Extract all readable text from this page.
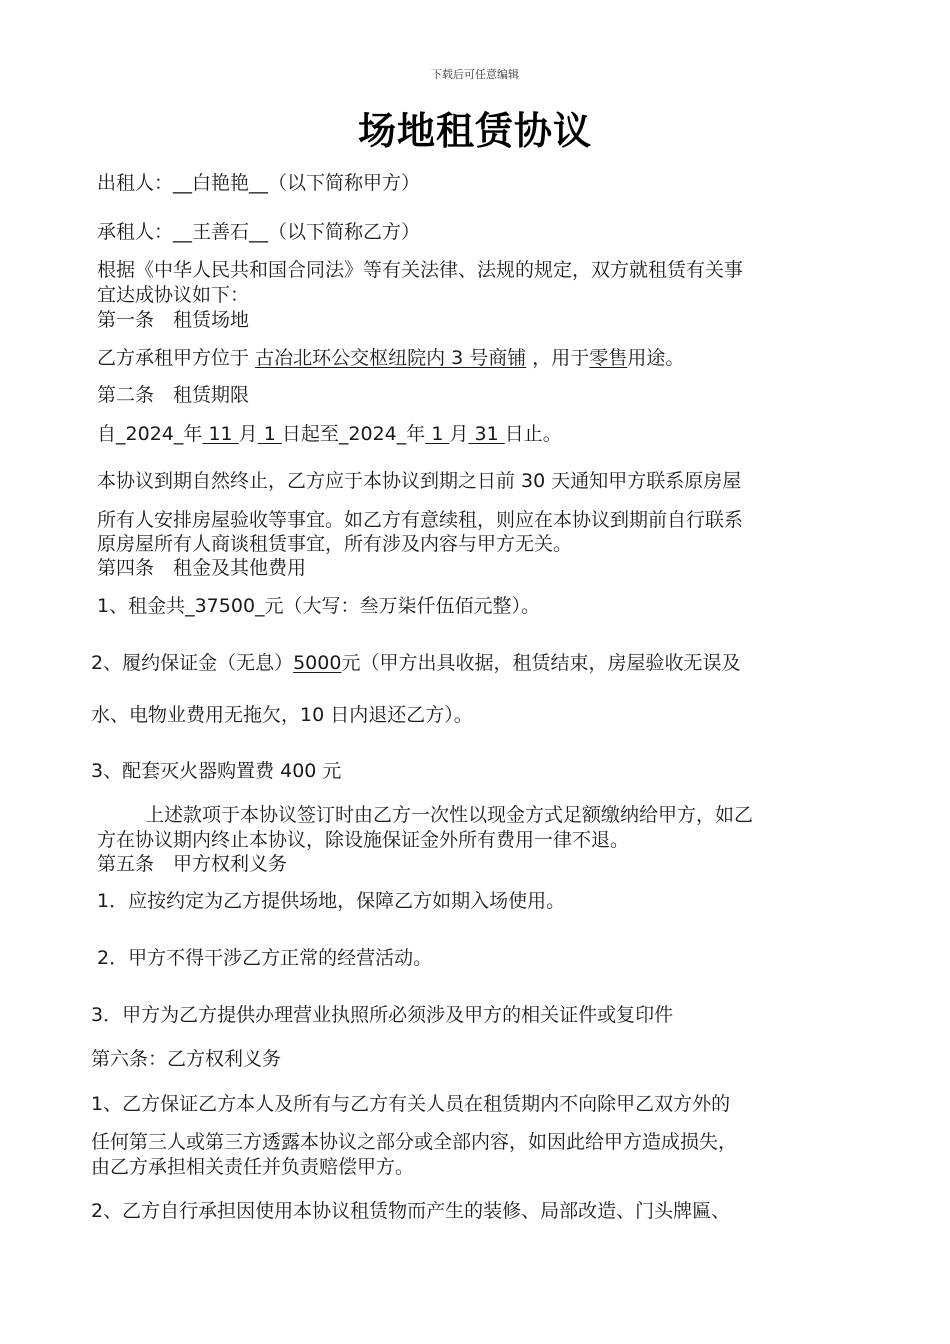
下载后可任意编辑
场地租赁协议
出租人：__白艳艳__（以下简称甲方）
承租人：__王善石__（以下简称乙方）
根据《中华人民共和国合同法》等有关法律、法规的规定，双方就租赁有关事
宜达成协议如下：
第一条　租赁场地
乙方承租甲方位于 古冶北环公交枢纽院内 3 号商铺 ，用于零售用途。
第二条　租赁期限
自_2024_年 11 月 1 日起至_2024_年 1 月 31 日止。
本协议到期自然终止，乙方应于本协议到期之日前 30 天通知甲方联系原房屋
所有人安排房屋验收等事宜。如乙方有意续租，则应在本协议到期前自行联系
原房屋所有人商谈租赁事宜，所有涉及内容与甲方无关。
第四条　租金及其他费用
1、租金共_37500_元（大写：叁万柒仟伍佰元整）。
2、履约保证金（无息）5000元（甲方出具收据，租赁结束，房屋验收无误及
水、电物业费用无拖欠，10 日内退还乙方）。
3、配套灭火器购置费 400 元
上述款项于本协议签订时由乙方一次性以现金方式足额缴纳给甲方，如乙
方在协议期内终止本协议，除设施保证金外所有费用一律不退。
第五条　甲方权利义务
1．应按约定为乙方提供场地，保障乙方如期入场使用。
2．甲方不得干涉乙方正常的经营活动。
3．甲方为乙方提供办理营业执照所必须涉及甲方的相关证件或复印件
第六条：乙方权利义务
1、乙方保证乙方本人及所有与乙方有关人员在租赁期内不向除甲乙双方外的
任何第三人或第三方透露本协议之部分或全部内容，如因此给甲方造成损失，
由乙方承担相关责任并负责赔偿甲方。
2、乙方自行承担因使用本协议租赁物而产生的装修、局部改造、门头牌匾、
